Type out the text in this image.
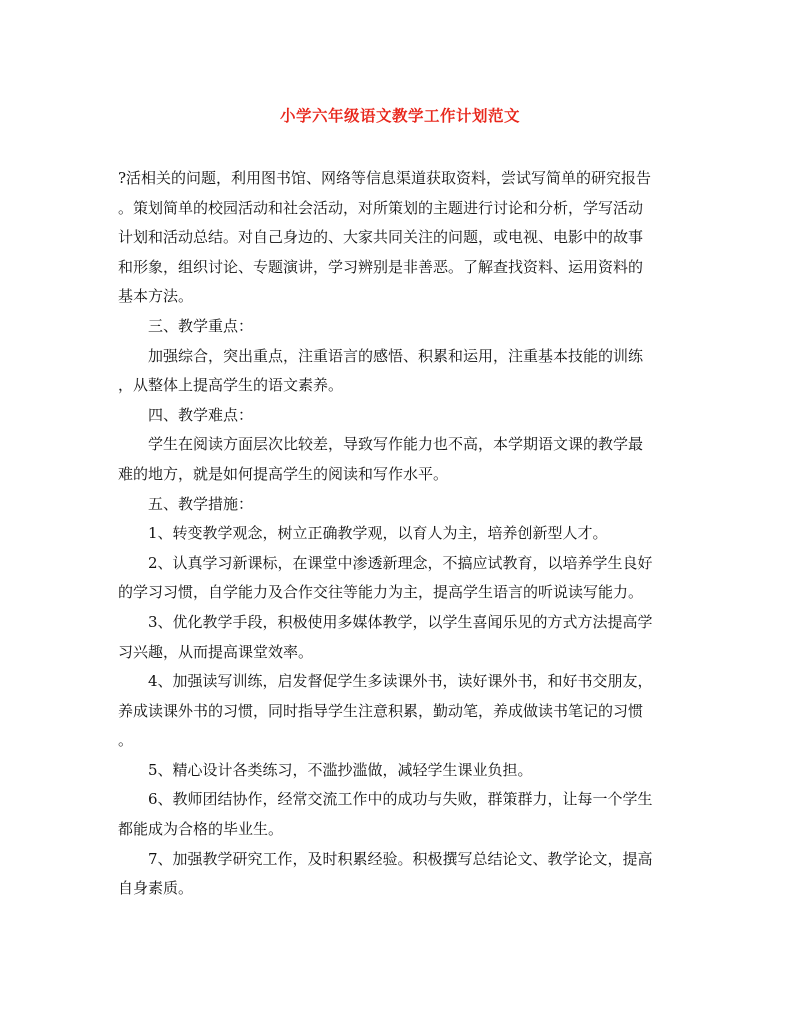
小学六年级语文教学工作计划范文
?活相关的问题，利用图书馆、网络等信息渠道获取资料，尝试写简单的研究报告
。策划简单的校园活动和社会活动，对所策划的主题进行讨论和分析，学写活动
计划和活动总结。对自己身边的、大家共同关注的问题，或电视、电影中的故事
和形象，组织讨论、专题演讲，学习辨别是非善恶。了解查找资料、运用资料的
基本方法。
　　三、教学重点：
　　加强综合，突出重点，注重语言的感悟、积累和运用，注重基本技能的训练
，从整体上提高学生的语文素养。
　　四、教学难点：
　　学生在阅读方面层次比较差，导致写作能力也不高，本学期语文课的教学最
难的地方，就是如何提高学生的阅读和写作水平。
　　五、教学措施：
　　1、转变教学观念，树立正确教学观，以育人为主，培养创新型人才。
　　2、认真学习新课标，在课堂中渗透新理念，不搞应试教育，以培养学生良好
的学习习惯，自学能力及合作交往等能力为主，提高学生语言的听说读写能力。
　　3、优化教学手段，积极使用多媒体教学，以学生喜闻乐见的方式方法提高学
习兴趣，从而提高课堂效率。
　　4、加强读写训练，启发督促学生多读课外书，读好课外书，和好书交朋友，
养成读课外书的习惯，同时指导学生注意积累，勤动笔，养成做读书笔记的习惯
。
　　5、精心设计各类练习，不滥抄滥做，减轻学生课业负担。
　　6、教师团结协作，经常交流工作中的成功与失败，群策群力，让每一个学生
都能成为合格的毕业生。
　　7、加强教学研究工作，及时积累经验。积极撰写总结论文、教学论文，提高
自身素质。
